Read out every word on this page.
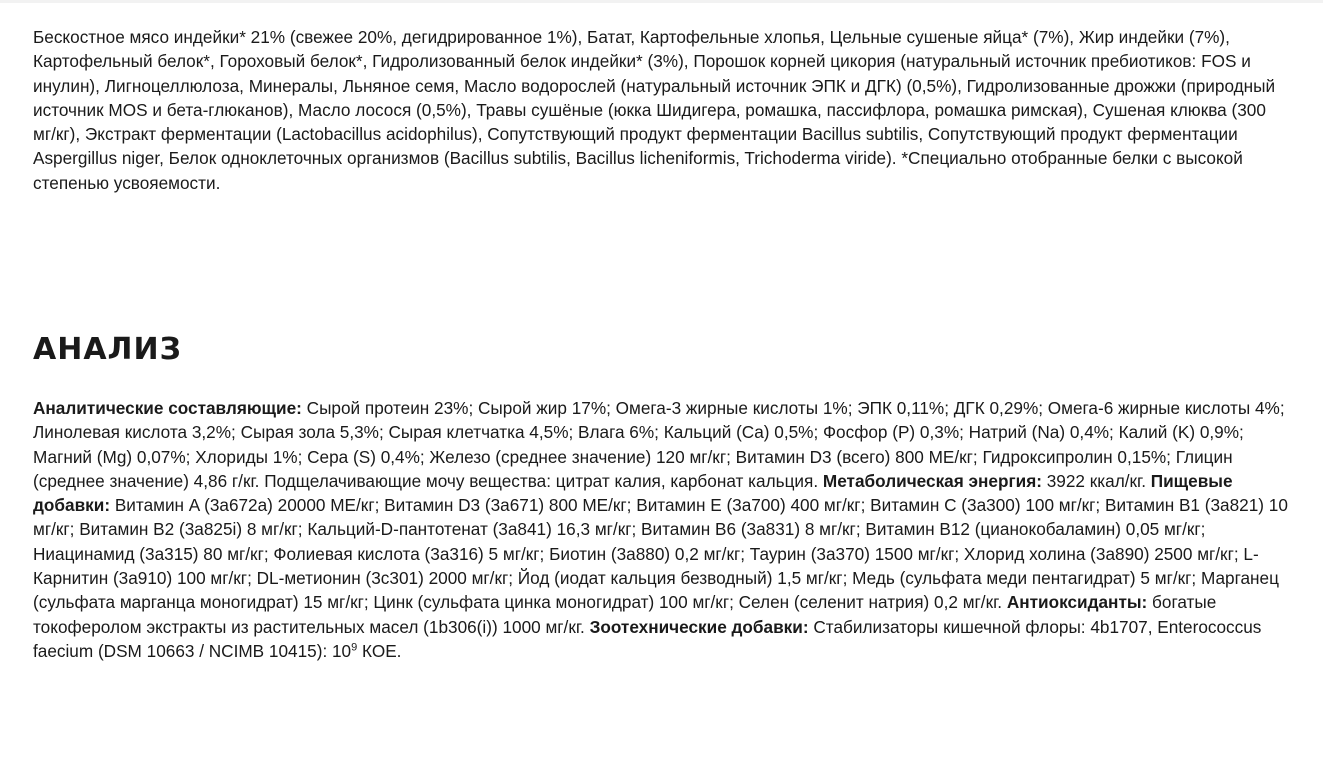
Бескостное мясо индейки* 21% (свежее 20%, дегидрированное 1%), Батат, Картофельные хлопья, Цельные сушеные яйца* (7%), Жир индейки (7%), Картофельный белок*, Гороховый белок*, Гидролизованный белок индейки* (3%), Порошок корней цикория (натуральный источник пребиотиков: FOS и инулин), Лигноцеллюлоза, Минералы, Льняное семя, Масло водорослей (натуральный источник ЭПК и ДГК) (0,5%), Гидролизованные дрожжи (природный источник MOS и бета-глюканов), Масло лосося (0,5%), Травы сушёные (юкка Шидигера, ромашка, пассифлора, ромашка римская), Сушеная клюква (300 мг/кг), Экстракт ферментации (Lactobacillus acidophilus), Сопутствующий продукт ферментации Bacillus subtilis, Сопутствующий продукт ферментации Aspergillus niger, Белок одноклеточных организмов (Bacillus subtilis, Bacillus licheniformis, Trichoderma viride). *Специально отобранные белки с высокой степенью усвояемости.

АНАЛИЗ

Аналитические составляющие: Сырой протеин 23%; Сырой жир 17%; Омега-3 жирные кислоты 1%; ЭПК 0,11%; ДГК 0,29%; Омега-6 жирные кислоты 4%; Линолевая кислота 3,2%; Сырая зола 5,3%; Сырая клетчатка 4,5%; Влага 6%; Кальций (Ca) 0,5%; Фосфор (P) 0,3%; Натрий (Na) 0,4%; Калий (K) 0,9%; Магний (Mg) 0,07%; Хлориды 1%; Сера (S) 0,4%; Железо (среднее значение) 120 мг/кг; Витамин D3 (всего) 800 МЕ/кг; Гидроксипролин 0,15%; Глицин (среднее значение) 4,86 г/кг. Подщелачивающие мочу вещества: цитрат калия, карбонат кальция. Метаболическая энергия: 3922 ккал/кг. Пищевые добавки: Витамин A (3a672a) 20000 МЕ/кг; Витамин D3 (3a671) 800 МЕ/кг; Витамин E (3a700) 400 мг/кг; Витамин C (3a300) 100 мг/кг; Витамин B1 (3a821) 10 мг/кг; Витамин B2 (3a825i) 8 мг/кг; Кальций-D-пантотенат (3a841) 16,3 мг/кг; Витамин B6 (3a831) 8 мг/кг; Витамин B12 (цианокобаламин) 0,05 мг/кг; Ниацинамид (3a315) 80 мг/кг; Фолиевая кислота (3a316) 5 мг/кг; Биотин (3a880) 0,2 мг/кг; Таурин (3a370) 1500 мг/кг; Хлорид холина (3a890) 2500 мг/кг; L-Карнитин (3a910) 100 мг/кг; DL-метионин (3c301) 2000 мг/кг; Йод (иодат кальция безводный) 1,5 мг/кг; Медь (сульфата меди пентагидрат) 5 мг/кг; Марганец (сульфата марганца моногидрат) 15 мг/кг; Цинк (сульфата цинка моногидрат) 100 мг/кг; Селен (селенит натрия) 0,2 мг/кг. Антиоксиданты: богатые токоферолом экстракты из растительных масел (1b306(i)) 1000 мг/кг. Зоотехнические добавки: Стабилизаторы кишечной флоры: 4b1707, Enterococcus faecium (DSM 10663 / NCIMB 10415): $10^9$ КОЕ.
